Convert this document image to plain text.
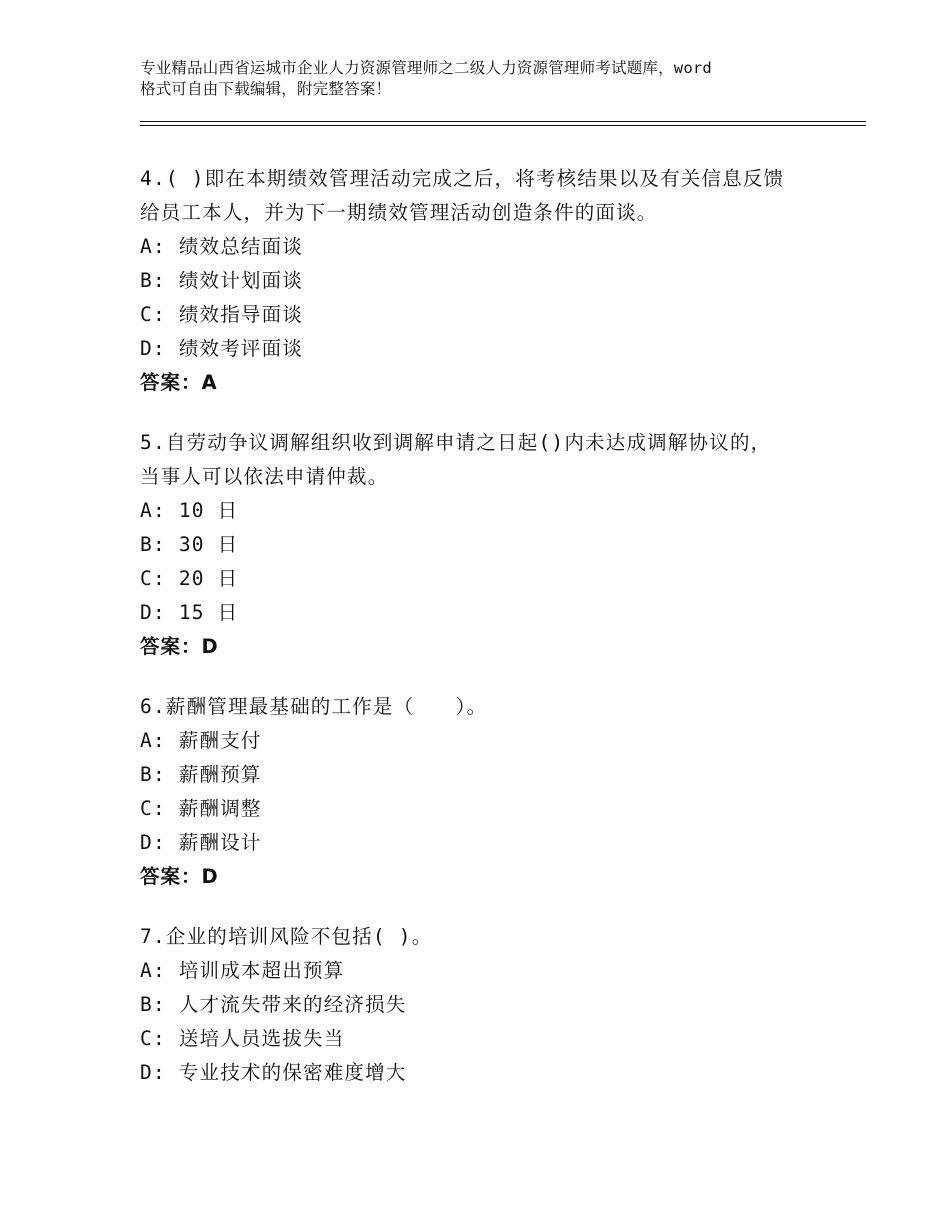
专业精品山西省运城市企业人力资源管理师之二级人力资源管理师考试题库，word
格式可自由下载编辑，附完整答案！
4.( )即在本期绩效管理活动完成之后，将考核结果以及有关信息反馈
给员工本人，并为下一期绩效管理活动创造条件的面谈。
A: 绩效总结面谈
B: 绩效计划面谈
C: 绩效指导面谈
D: 绩效考评面谈
答案：A
5.自劳动争议调解组织收到调解申请之日起()内未达成调解协议的，
当事人可以依法申请仲裁。
A: 10 日
B: 30 日
C: 20 日
D: 15 日
答案：D
6.薪酬管理最基础的工作是（　　）。
A: 薪酬支付
B: 薪酬预算
C: 薪酬调整
D: 薪酬设计
答案：D
7.企业的培训风险不包括( )。
A: 培训成本超出预算
B: 人才流失带来的经济损失
C: 送培人员选拔失当
D: 专业技术的保密难度增大
